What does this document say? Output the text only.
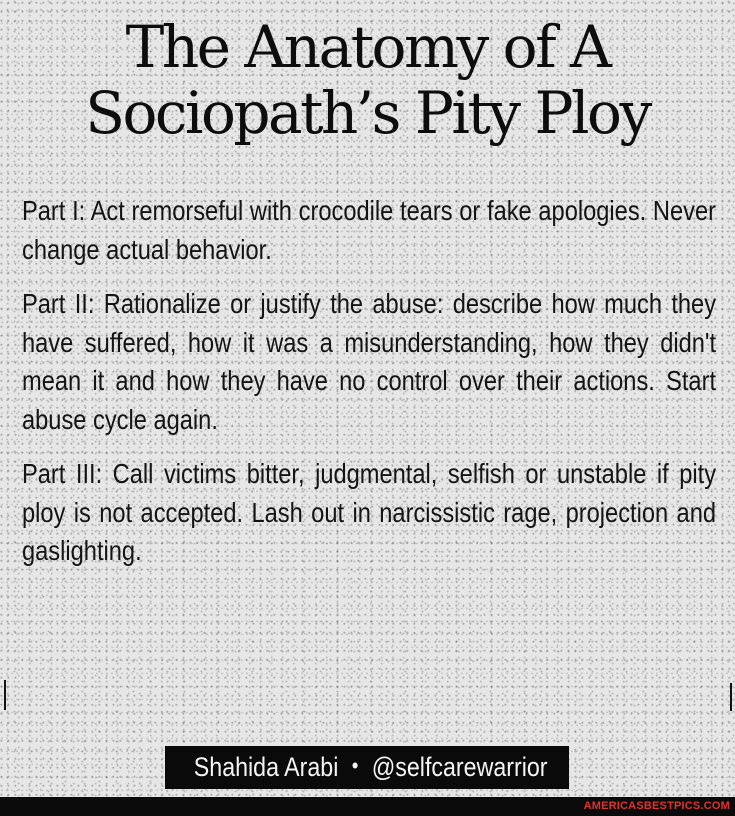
The Anatomy of A
Sociopath’s Pity Ploy

Part I: Act remorseful with crocodile tears or fake apologies. Never change actual behavior.

Part II: Rationalize or justify the abuse: describe how much they have suffered, how it was a misunderstanding, how they didn't mean it and how they have no control over their actions. Start abuse cycle again.

Part III: Call victims bitter, judgmental, selfish or unstable if pity ploy is not accepted. Lash out in narcissistic rage, projection and gaslighting.

Shahida Arabi • @selfcarewarrior
AMERICASBESTPICS.COM
